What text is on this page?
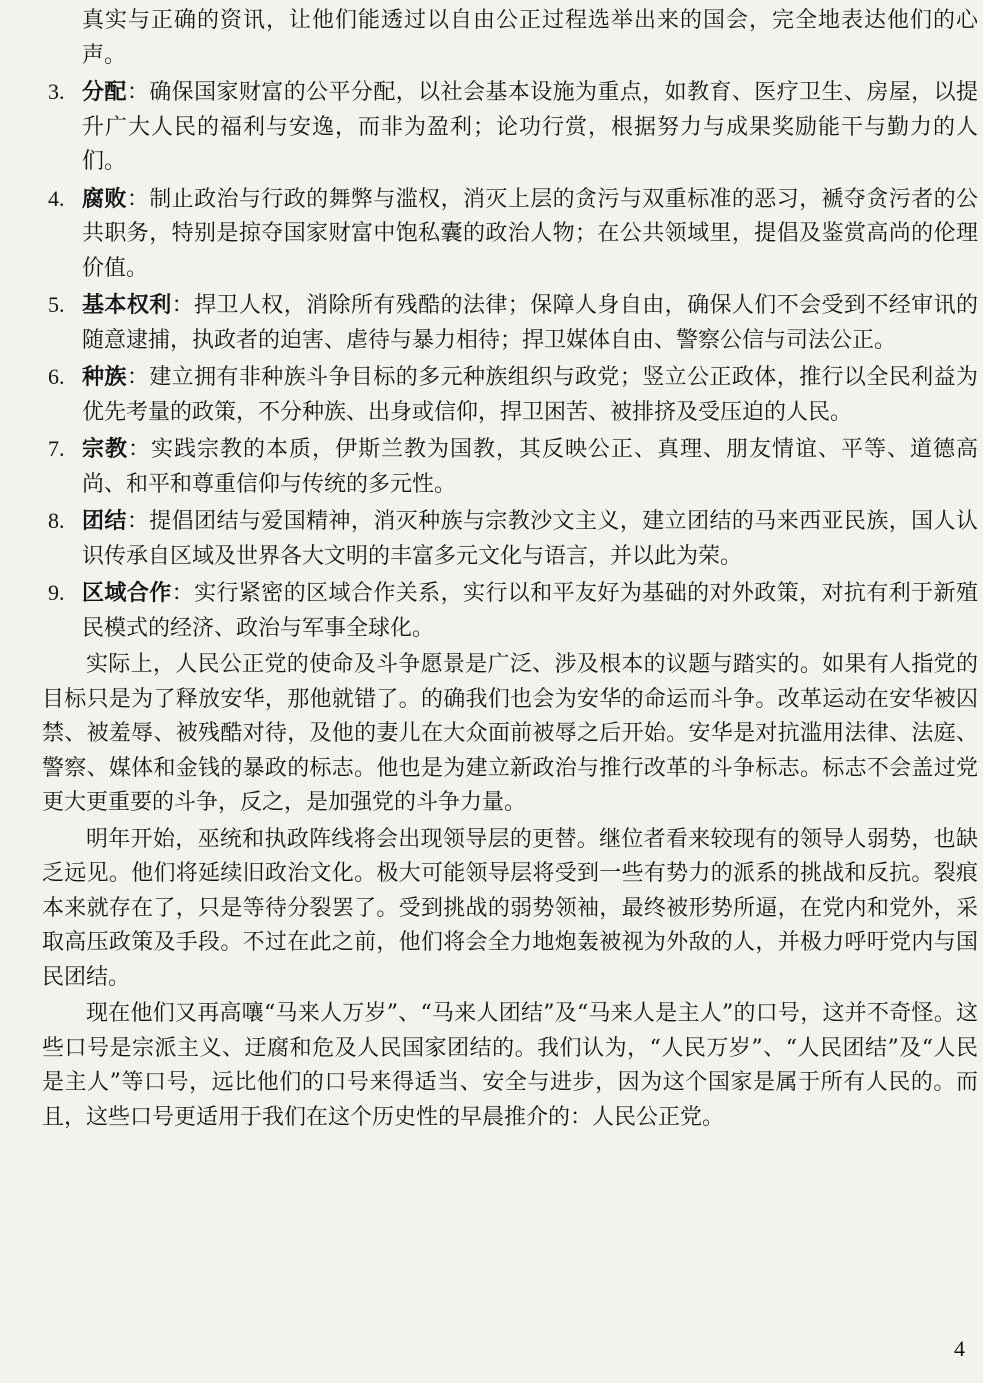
真实与正确的资讯，让他们能透过以自由公正过程选举出来的国会，完全地表达他们的心声。

3. 分配：确保国家财富的公平分配，以社会基本设施为重点，如教育、医疗卫生、房屋，以提升广大人民的福利与安逸，而非为盈利；论功行赏，根据努力与成果奖励能干与勤力的人们。
4. 腐败：制止政治与行政的舞弊与滥权，消灭上层的贪污与双重标准的恶习，褫夺贪污者的公共职务，特别是掠夺国家财富中饱私囊的政治人物；在公共领域里，提倡及鉴赏高尚的伦理价值。
5. 基本权利：捍卫人权，消除所有残酷的法律；保障人身自由，确保人们不会受到不经审讯的随意逮捕，执政者的迫害、虐待与暴力相待；捍卫媒体自由、警察公信与司法公正。
6. 种族：建立拥有非种族斗争目标的多元种族组织与政党；竖立公正政体，推行以全民利益为优先考量的政策，不分种族、出身或信仰，捍卫困苦、被排挤及受压迫的人民。
7. 宗教：实践宗教的本质，伊斯兰教为国教，其反映公正、真理、朋友情谊、平等、道德高尚、和平和尊重信仰与传统的多元性。
8. 团结：提倡团结与爱国精神，消灭种族与宗教沙文主义，建立团结的马来西亚民族，国人认识传承自区域及世界各大文明的丰富多元文化与语言，并以此为荣。
9. 区域合作：实行紧密的区域合作关系，实行以和平友好为基础的对外政策，对抗有利于新殖民模式的经济、政治与军事全球化。

实际上，人民公正党的使命及斗争愿景是广泛、涉及根本的议题与踏实的。如果有人指党的目标只是为了释放安华，那他就错了。的确我们也会为安华的命运而斗争。改革运动在安华被囚禁、被羞辱、被残酷对待，及他的妻儿在大众面前被辱之后开始。安华是对抗滥用法律、法庭、警察、媒体和金钱的暴政的标志。他也是为建立新政治与推行改革的斗争标志。标志不会盖过党更大更重要的斗争，反之，是加强党的斗争力量。

明年开始，巫统和执政阵线将会出现领导层的更替。继位者看来较现有的领导人弱势，也缺乏远见。他们将延续旧政治文化。极大可能领导层将受到一些有势力的派系的挑战和反抗。裂痕本来就存在了，只是等待分裂罢了。受到挑战的弱势领袖，最终被形势所逼，在党内和党外，采取高压政策及手段。不过在此之前，他们将会全力地炮轰被视为外敌的人，并极力呼吁党内与国民团结。

现在他们又再高嚷“马来人万岁”、“马来人团结”及“马来人是主人”的口号，这并不奇怪。这些口号是宗派主义、迂腐和危及人民国家团结的。我们认为，“人民万岁”、“人民团结”及“人民是主人”等口号，远比他们的口号来得适当、安全与进步，因为这个国家是属于所有人民的。而且，这些口号更适用于我们在这个历史性的早晨推介的：人民公正党。

4
